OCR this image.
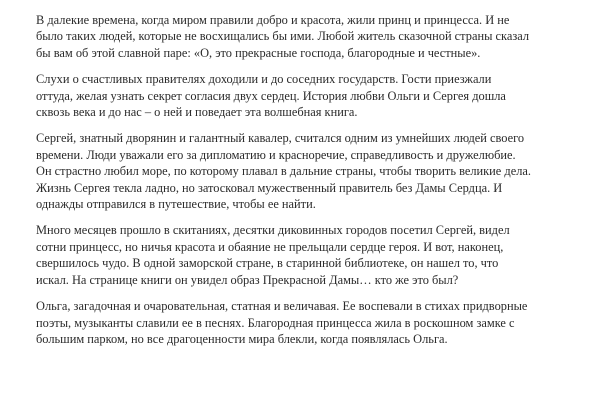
В далекие времена, когда миром правили добро и красота, жили принц и принцесса. И не
было таких людей, которые не восхищались бы ими. Любой житель сказочной страны сказал
бы вам об этой славной паре: «О, это прекрасные господа, благородные и честные».

Слухи о счастливых правителях доходили и до соседних государств. Гости приезжали
оттуда, желая узнать секрет согласия двух сердец. История любви Ольги и Сергея дошла
сквозь века и до нас – о ней и поведает эта волшебная книга.

Сергей, знатный дворянин и галантный кавалер, считался одним из умнейших людей своего
времени. Люди уважали его за дипломатию и красноречие, справедливость и дружелюбие.
Он страстно любил море, по которому плавал в дальние страны, чтобы творить великие дела.
Жизнь Сергея текла ладно, но затосковал мужественный правитель без Дамы Сердца. И
однажды отправился в путешествие, чтобы ее найти.

Много месяцев прошло в скитаниях, десятки диковинных городов посетил Сергей, видел
сотни принцесс, но ничья красота и обаяние не прельщали сердце героя. И вот, наконец,
свершилось чудо. В одной заморской стране, в старинной библиотеке, он нашел то, что
искал. На странице книги он увидел образ Прекрасной Дамы… кто же это был?

Ольга, загадочная и очаровательная, статная и величавая. Ее воспевали в стихах придворные
поэты, музыканты славили ее в песнях. Благородная принцесса жила в роскошном замке с
большим парком, но все драгоценности мира блекли, когда появлялась Ольга.
